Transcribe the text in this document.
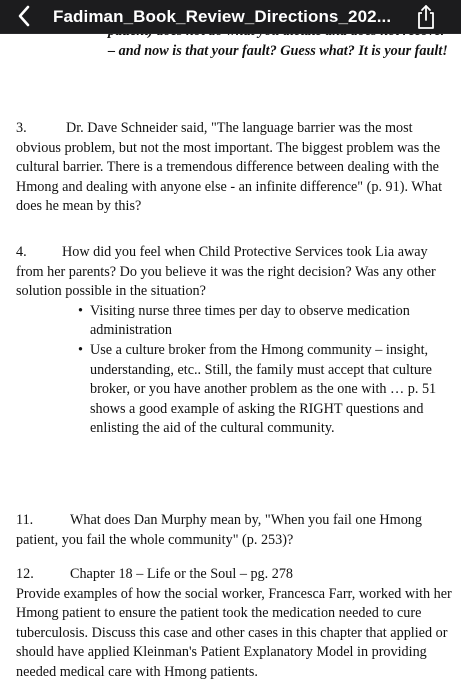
Fadiman_Book_Review_Directions_202...
– and now is that your fault? Guess what? It is your fault!
3.	Dr. Dave Schneider said, "The language barrier was the most obvious problem, but not the most important. The biggest problem was the cultural barrier. There is a tremendous difference between dealing with the Hmong and dealing with anyone else - an infinite difference" (p. 91). What does he mean by this?
4. How did you feel when Child Protective Services took Lia away from her parents? Do you believe it was the right decision? Was any other solution possible in the situation?
• Visiting nurse three times per day to observe medication administration
• Use a culture broker from the Hmong community – insight, understanding, etc.. Still, the family must accept that culture broker, or you have another problem as the one with … p. 51 shows a good example of asking the RIGHT questions and enlisting the aid of the cultural community.
11.	What does Dan Murphy mean by, "When you fail one Hmong patient, you fail the whole community" (p. 253)?
12.	Chapter 18 – Life or the Soul – pg. 278
Provide examples of how the social worker, Francesca Farr, worked with her Hmong patient to ensure the patient took the medication needed to cure tuberculosis. Discuss this case and other cases in this chapter that applied or should have applied Kleinman's Patient Explanatory Model in providing needed medical care with Hmong patients.
